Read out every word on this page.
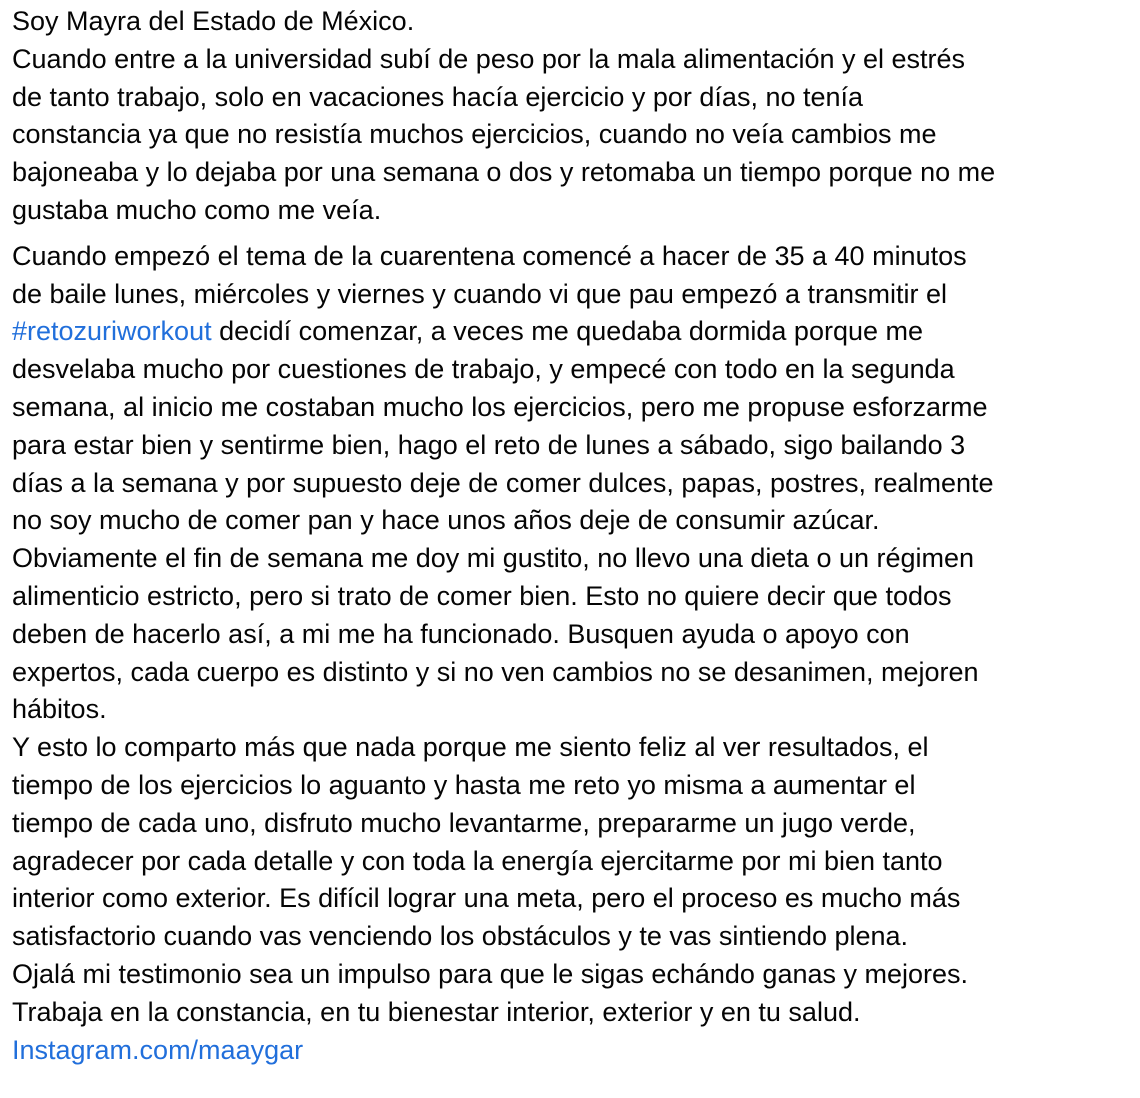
Soy Mayra del Estado de México.
Cuando entre a la universidad subí de peso por la mala alimentación y el estrés
de tanto trabajo, solo en vacaciones hacía ejercicio y por días, no tenía
constancia ya que no resistía muchos ejercicios, cuando no veía cambios me
bajoneaba y lo dejaba por una semana o dos y retomaba un tiempo porque no me
gustaba mucho como me veía.
Cuando empezó el tema de la cuarentena comencé a hacer de 35 a 40 minutos
de baile lunes, miércoles y viernes y cuando vi que pau empezó a transmitir el
#retozuriworkout decidí comenzar, a veces me quedaba dormida porque me
desvelaba mucho por cuestiones de trabajo, y empecé con todo en la segunda
semana, al inicio me costaban mucho los ejercicios, pero me propuse esforzarme
para estar bien y sentirme bien, hago el reto de lunes a sábado, sigo bailando 3
días a la semana y por supuesto deje de comer dulces, papas, postres, realmente
no soy mucho de comer pan y hace unos años deje de consumir azúcar.
Obviamente el fin de semana me doy mi gustito, no llevo una dieta o un régimen
alimenticio estricto, pero si trato de comer bien. Esto no quiere decir que todos
deben de hacerlo así, a mi me ha funcionado. Busquen ayuda o apoyo con
expertos, cada cuerpo es distinto y si no ven cambios no se desanimen, mejoren
hábitos.
Y esto lo comparto más que nada porque me siento feliz al ver resultados, el
tiempo de los ejercicios lo aguanto y hasta me reto yo misma a aumentar el
tiempo de cada uno, disfruto mucho levantarme, prepararme un jugo verde,
agradecer por cada detalle y con toda la energía ejercitarme por mi bien tanto
interior como exterior. Es difícil lograr una meta, pero el proceso es mucho más
satisfactorio cuando vas venciendo los obstáculos y te vas sintiendo plena.
Ojalá mi testimonio sea un impulso para que le sigas echándo ganas y mejores.
Trabaja en la constancia, en tu bienestar interior, exterior y en tu salud.
Instagram.com/maaygar
